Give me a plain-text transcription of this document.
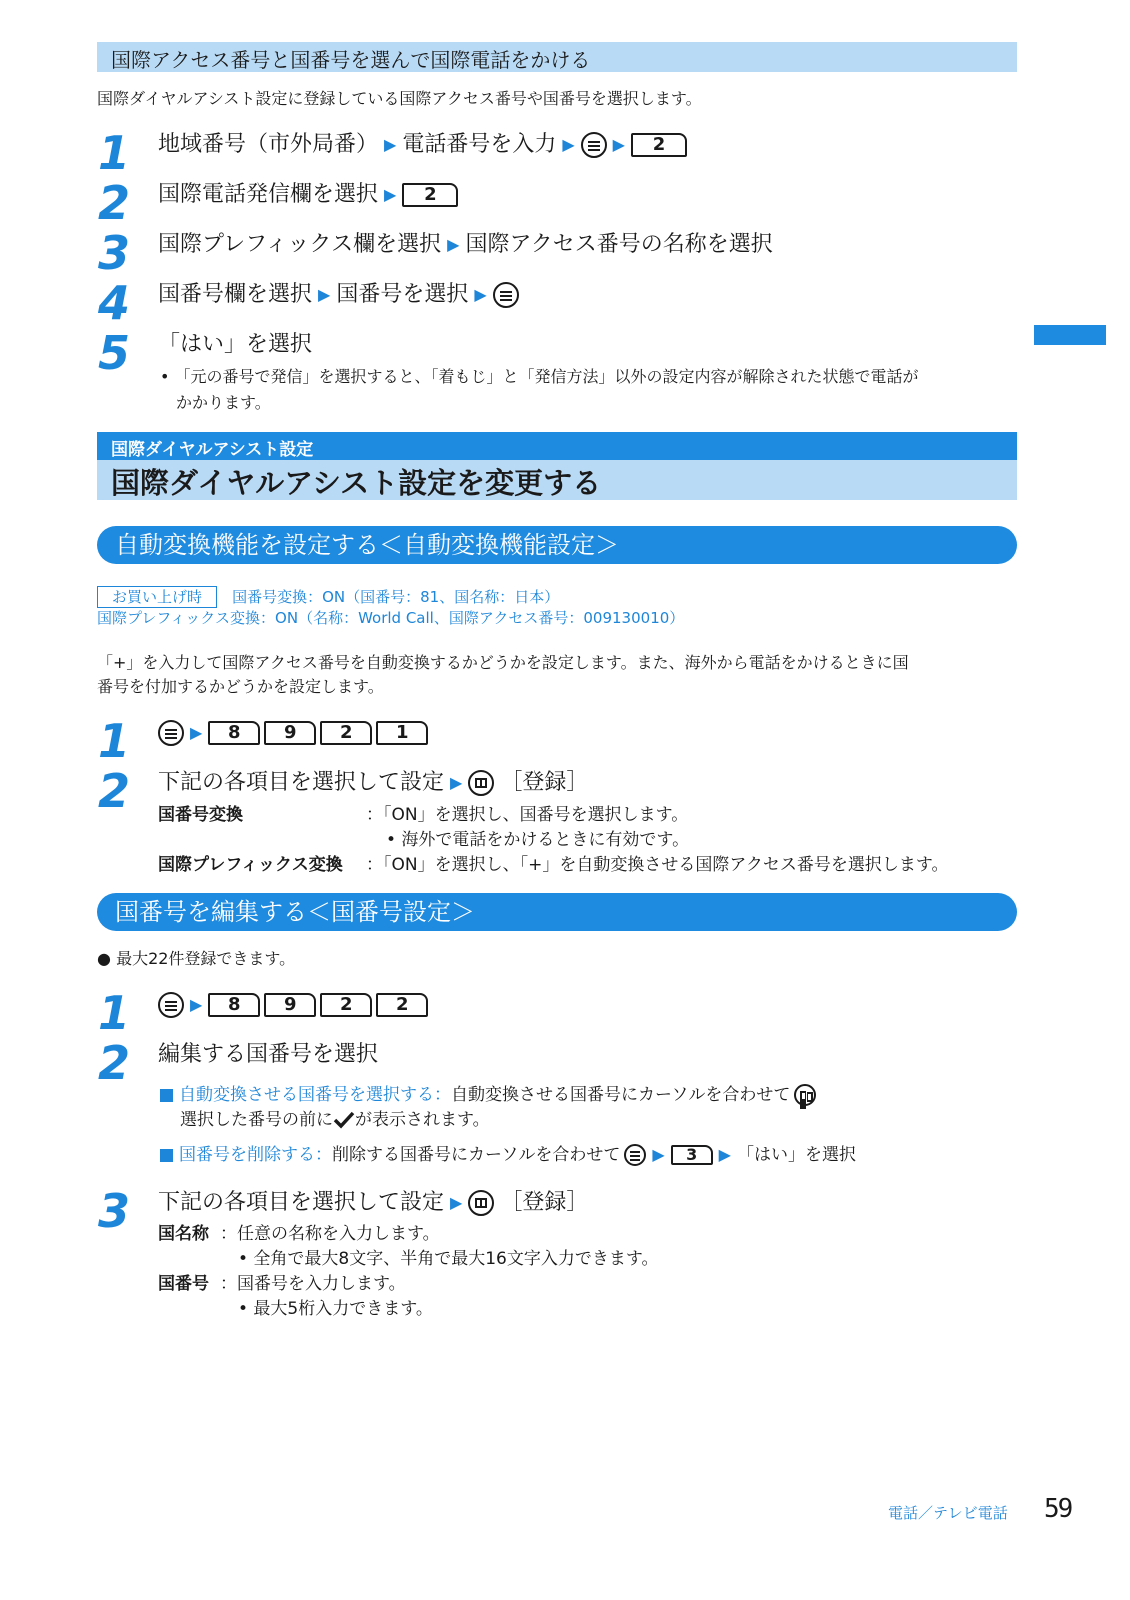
国際アクセス番号と国番号を選んで国際電話をかける
国際ダイヤルアシスト設定に登録している国際アクセス番号や国番号を選択します。
1	地域番号（市外局番） ▶ 電話番号を入力 ▶ ▶	2
2	国際電話発信欄を選択 ▶	2
3	国際プレフィックス欄を選択 ▶ 国際アクセス番号の名称を選択
4	国番号欄を選択 ▶ 国番号を選択 ▶
5	「はい」を選択
• 「元の番号で発信」を選択すると、「着もじ」と「発信方法」以外の設定内容が解除された状態で電話が
かかります。
国際ダイヤルアシスト設定
国際ダイヤルアシスト設定を変更する
自動変換機能を設定する＜自動変換機能設定＞
お買い上げ時 国番号変換：ON（国番号：81、国名称：日本）
国際プレフィックス変換：ON（名称：World Call、国際アクセス番号：009130010）
「+」を入力して国際アクセス番号を自動変換するかどうかを設定します。また、海外から電話をかけるときに国
番号を付加するかどうかを設定します。
1	▶	8	9	2	1
2	下記の各項目を選択して設定 ▶ ［登録］
国番号変換	：「ON」を選択し、国番号を選択します。
• 海外で電話をかけるときに有効です。
国際プレフィックス変換 ：「ON」を選択し、「+」を自動変換させる国際アクセス番号を選択します。
国番号を編集する＜国番号設定＞
● 最大22件登録できます。
1	▶	8	9	2	2
2	編集する国番号を選択
自動変換させる国番号を選択する： 自動変換させる国番号にカーソルを合わせて
選択した番号の前に が表示されます。
国番号を削除する： 削除する国番号にカーソルを合わせて ▶	3	▶ 「はい」を選択
3	下記の各項目を選択して設定 ▶ ［登録］
国名称 ：任意の名称を入力します。
• 全角で最大8文字、半角で最大16文字入力できます。
国番号 ：国番号を入力します。
• 最大5桁入力できます。
電話／テレビ電話 59
